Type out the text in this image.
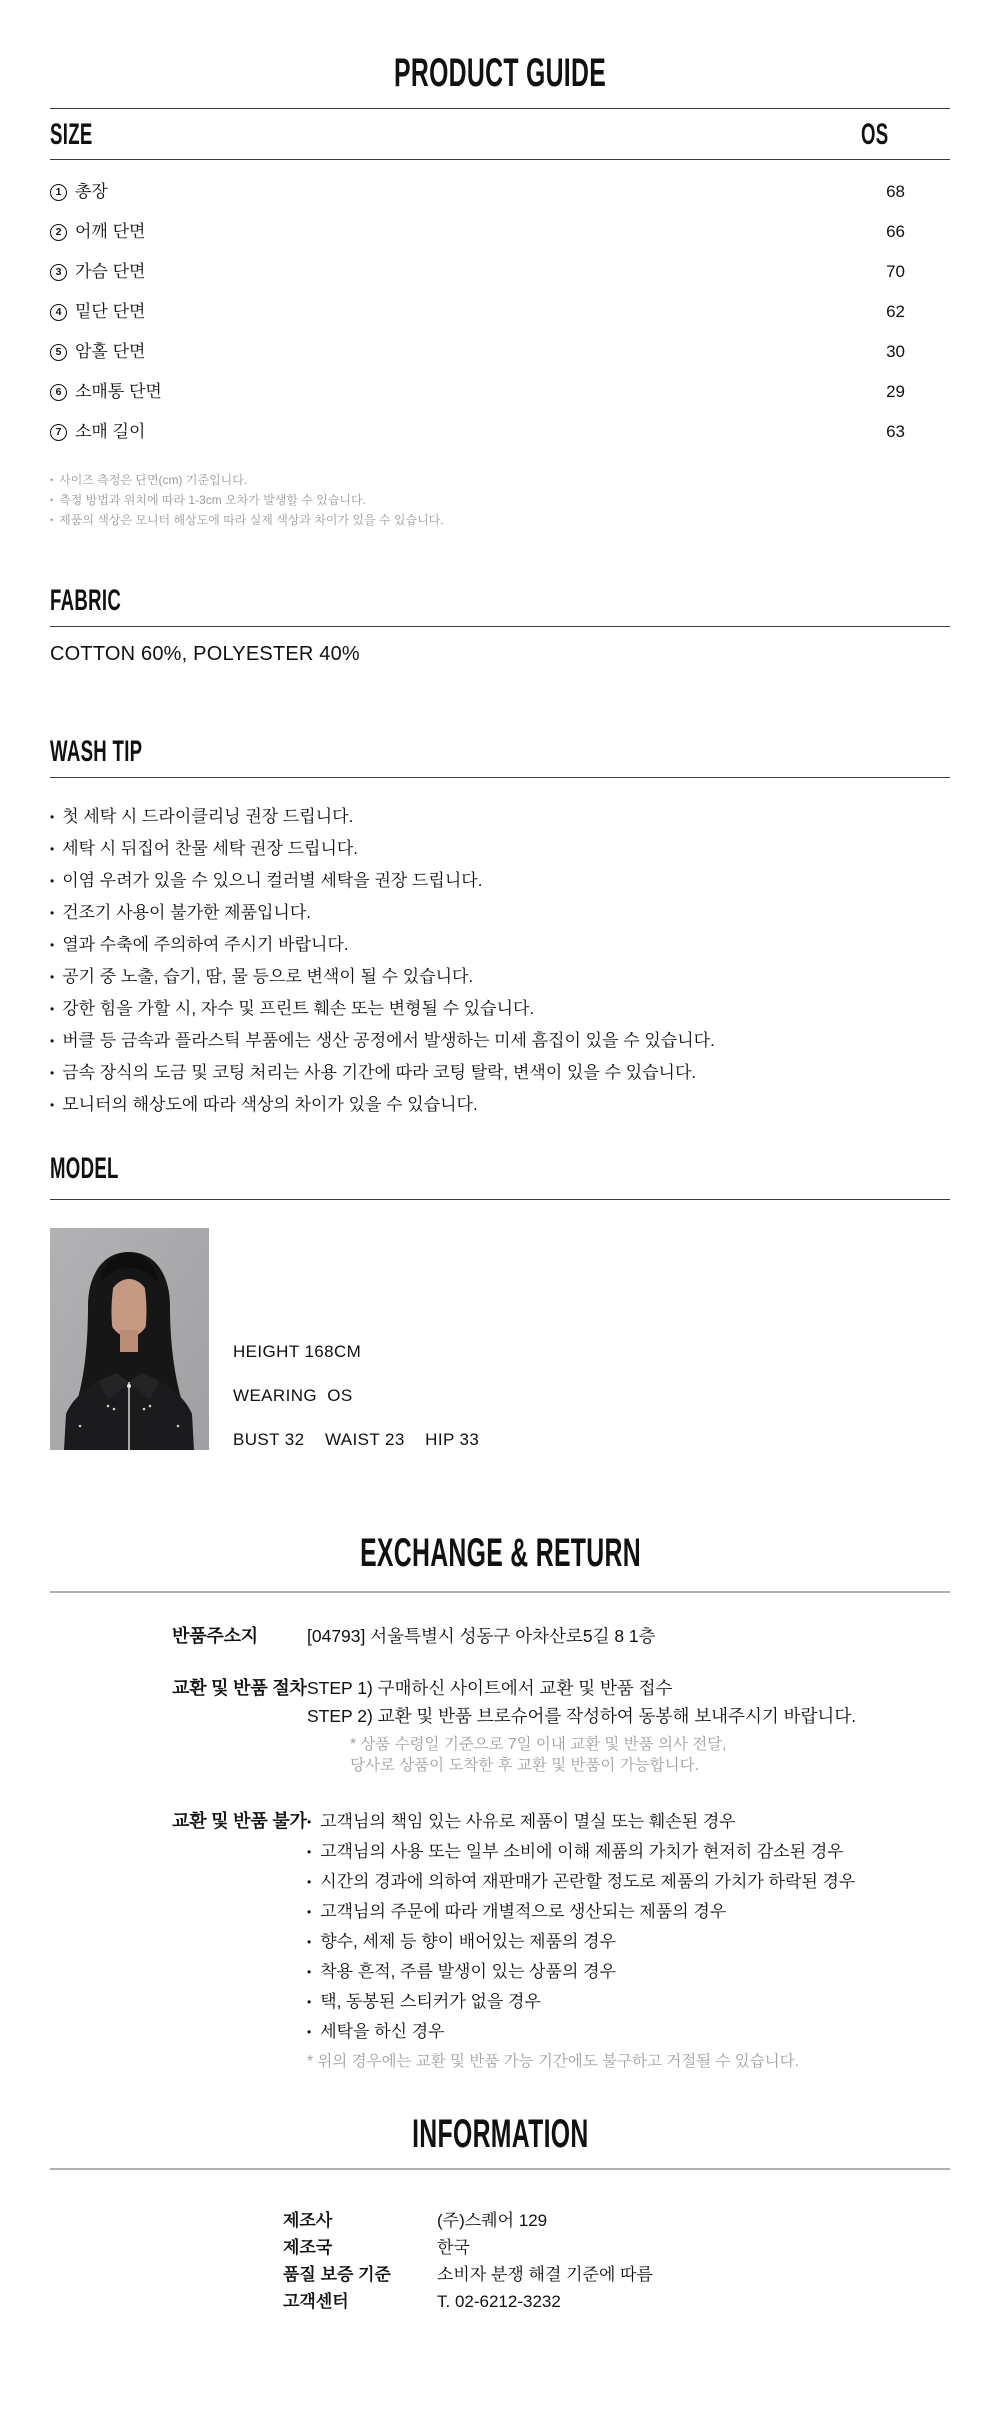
PRODUCT GUIDE
SIZE	OS
1 총장	68
2 어깨 단면	66
3 가슴 단면	70
4 밑단 단면	62
5 암홀 단면	30
6 소매통 단면	29
7 소매 길이	63
• 사이즈 측정은 단면(cm) 기준입니다.
• 측정 방법과 위치에 따라 1-3cm 오차가 발생할 수 있습니다.
• 제품의 색상은 모니터 해상도에 따라 실제 색상과 차이가 있을 수 있습니다.
FABRIC
COTTON 60%, POLYESTER 40%
WASH TIP
• 첫 세탁 시 드라이클리닝 권장 드립니다.
• 세탁 시 뒤집어 찬물 세탁 권장 드립니다.
• 이염 우려가 있을 수 있으니 컬러별 세탁을 권장 드립니다.
• 건조기 사용이 불가한 제품입니다.
• 열과 수축에 주의하여 주시기 바랍니다.
• 공기 중 노출, 습기, 땀, 물 등으로 변색이 될 수 있습니다.
• 강한 힘을 가할 시, 자수 및 프린트 훼손 또는 변형될 수 있습니다.
• 버클 등 금속과 플라스틱 부품에는 생산 공정에서 발생하는 미세 흠집이 있을 수 있습니다.
• 금속 장식의 도금 및 코팅 처리는 사용 기간에 따라 코팅 탈락, 변색이 있을 수 있습니다.
• 모니터의 해상도에 따라 색상의 차이가 있을 수 있습니다.
MODEL
HEIGHT 168CM
WEARING  OS
BUST 32    WAIST 23    HIP 33
EXCHANGE & RETURN
반품주소지	[04793] 서울특별시 성동구 아차산로5길 8 1층
교환 및 반품 절차 STEP 1) 구매하신 사이트에서 교환 및 반품 접수
STEP 2) 교환 및 반품 브로슈어를 작성하여 동봉해 보내주시기 바랍니다.
* 상품 수령일 기준으로 7일 이내 교환 및 반품 의사 전달,
당사로 상품이 도착한 후 교환 및 반품이 가능합니다.
교환 및 반품 불가 • 고객님의 책임 있는 사유로 제품이 멸실 또는 훼손된 경우
• 고객님의 사용 또는 일부 소비에 이해 제품의 가치가 현저히 감소된 경우
• 시간의 경과에 의하여 재판매가 곤란할 정도로 제품의 가치가 하락된 경우
• 고객님의 주문에 따라 개별적으로 생산되는 제품의 경우
• 향수, 세제 등 향이 배어있는 제품의 경우
• 착용 흔적, 주름 발생이 있는 상품의 경우
• 택, 동봉된 스티커가 없을 경우
• 세탁을 하신 경우
* 위의 경우에는 교환 및 반품 가능 기간에도 불구하고 거절될 수 있습니다.
INFORMATION
제조사	(주)스퀘어 129
제조국	한국
품질 보증 기준	소비자 분쟁 해결 기준에 따름
고객센터	T. 02-6212-3232
